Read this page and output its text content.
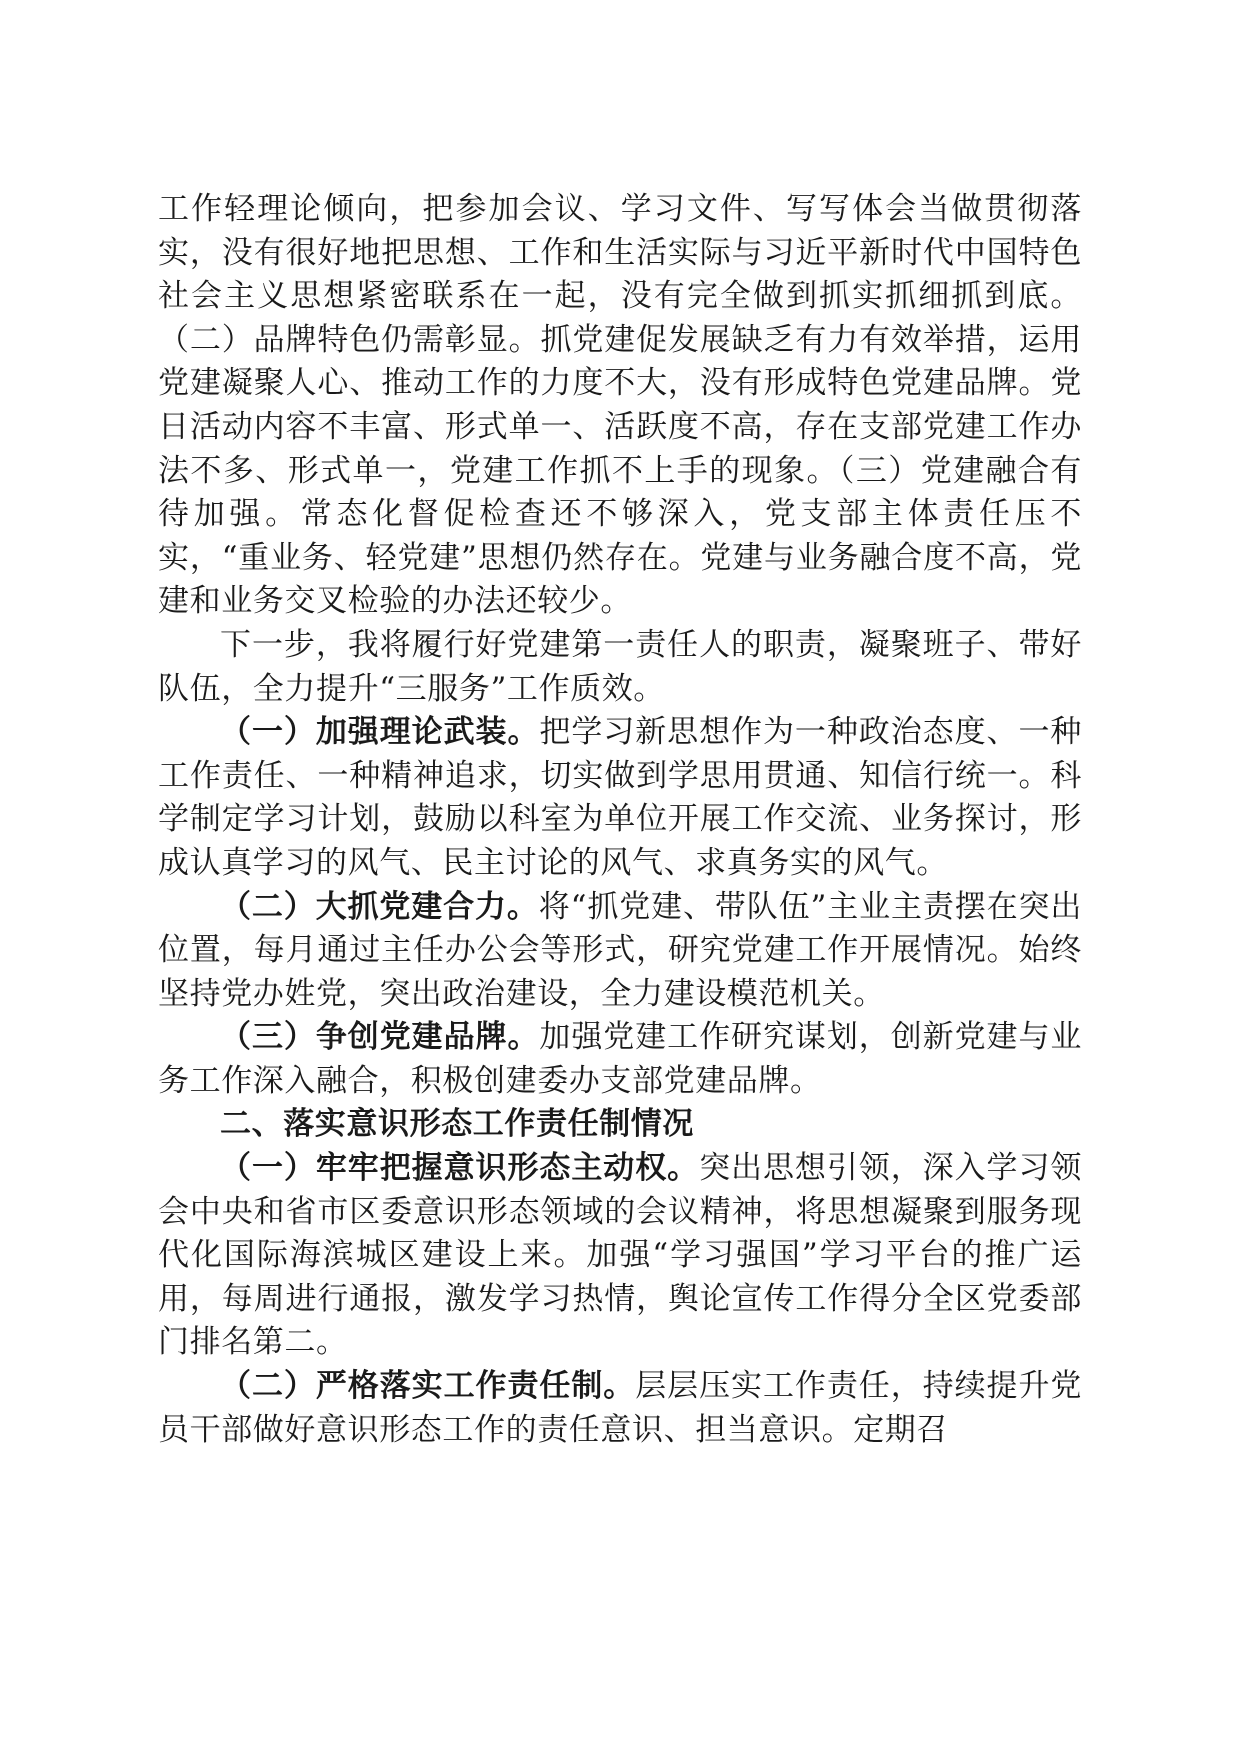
工作轻理论倾向，把参加会议、学习文件、写写体会当做贯彻落实，没有很好地把思想、工作和生活实际与习近平新时代中国特色社会主义思想紧密联系在一起，没有完全做到抓实抓细抓到底。（二）品牌特色仍需彰显。抓党建促发展缺乏有力有效举措，运用党建凝聚人心、推动工作的力度不大，没有形成特色党建品牌。党日活动内容不丰富、形式单一、活跃度不高，存在支部党建工作办法不多、形式单一，党建工作抓不上手的现象。（三）党建融合有待加强。常态化督促检查还不够深入，党支部主体责任压不实，“重业务、轻党建”思想仍然存在。党建与业务融合度不高，党建和业务交叉检验的办法还较少。

下一步，我将履行好党建第一责任人的职责，凝聚班子、带好队伍，全力提升“三服务”工作质效。

（一）加强理论武装。把学习新思想作为一种政治态度、一种工作责任、一种精神追求，切实做到学思用贯通、知信行统一。科学制定学习计划，鼓励以科室为单位开展工作交流、业务探讨，形成认真学习的风气、民主讨论的风气、求真务实的风气。

（二）大抓党建合力。将“抓党建、带队伍”主业主责摆在突出位置，每月通过主任办公会等形式，研究党建工作开展情况。始终坚持党办姓党，突出政治建设，全力建设模范机关。

（三）争创党建品牌。加强党建工作研究谋划，创新党建与业务工作深入融合，积极创建委办支部党建品牌。

二、落实意识形态工作责任制情况

（一）牢牢把握意识形态主动权。突出思想引领，深入学习领会中央和省市区委意识形态领域的会议精神，将思想凝聚到服务现代化国际海滨城区建设上来。加强“学习强国”学习平台的推广运用，每周进行通报，激发学习热情，舆论宣传工作得分全区党委部门排名第二。

（二）严格落实工作责任制。层层压实工作责任，持续提升党员干部做好意识形态工作的责任意识、担当意识。定期召
